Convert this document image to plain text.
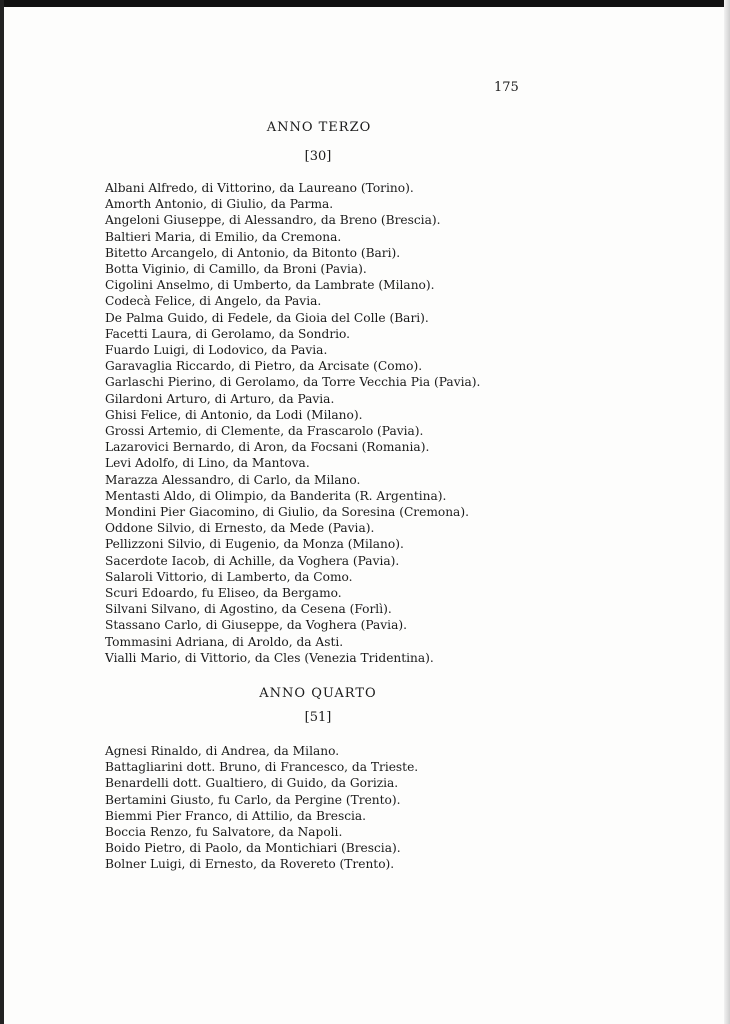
175
ANNO TERZO
[30]
Albani Alfredo, di Vittorino, da Laureano (Torino).
Amorth Antonio, di Giulio, da Parma.
Angeloni Giuseppe, di Alessandro, da Breno (Brescia).
Baltieri Maria, di Emilio, da Cremona.
Bitetto Arcangelo, di Antonio, da Bitonto (Bari).
Botta Viginio, di Camillo, da Broni (Pavia).
Cigolini Anselmo, di Umberto, da Lambrate (Milano).
Codecà Felice, di Angelo, da Pavia.
De Palma Guido, di Fedele, da Gioia del Colle (Bari).
Facetti Laura, di Gerolamo, da Sondrio.
Fuardo Luigi, di Lodovico, da Pavia.
Garavaglia Riccardo, di Pietro, da Arcisate (Como).
Garlaschi Pierino, di Gerolamo, da Torre Vecchia Pia (Pavia).
Gilardoni Arturo, di Arturo, da Pavia.
Ghisi Felice, di Antonio, da Lodi (Milano).
Grossi Artemio, di Clemente, da Frascarolo (Pavia).
Lazarovici Bernardo, di Aron, da Focsani (Romania).
Levi Adolfo, di Lino, da Mantova.
Marazza Alessandro, di Carlo, da Milano.
Mentasti Aldo, di Olimpio, da Banderita (R. Argentina).
Mondini Pier Giacomino, di Giulio, da Soresina (Cremona).
Oddone Silvio, di Ernesto, da Mede (Pavia).
Pellizzoni Silvio, di Eugenio, da Monza (Milano).
Sacerdote Iacob, di Achille, da Voghera (Pavia).
Salaroli Vittorio, di Lamberto, da Como.
Scuri Edoardo, fu Eliseo, da Bergamo.
Silvani Silvano, di Agostino, da Cesena (Forlì).
Stassano Carlo, di Giuseppe, da Voghera (Pavia).
Tommasini Adriana, di Aroldo, da Asti.
Vialli Mario, di Vittorio, da Cles (Venezia Tridentina).
ANNO QUARTO
[51]
Agnesi Rinaldo, di Andrea, da Milano.
Battagliarini dott. Bruno, di Francesco, da Trieste.
Benardelli dott. Gualtiero, di Guido, da Gorizia.
Bertamini Giusto, fu Carlo, da Pergine (Trento).
Biemmi Pier Franco, di Attilio, da Brescia.
Boccia Renzo, fu Salvatore, da Napoli.
Boido Pietro, di Paolo, da Montichiari (Brescia).
Bolner Luigi, di Ernesto, da Rovereto (Trento).
